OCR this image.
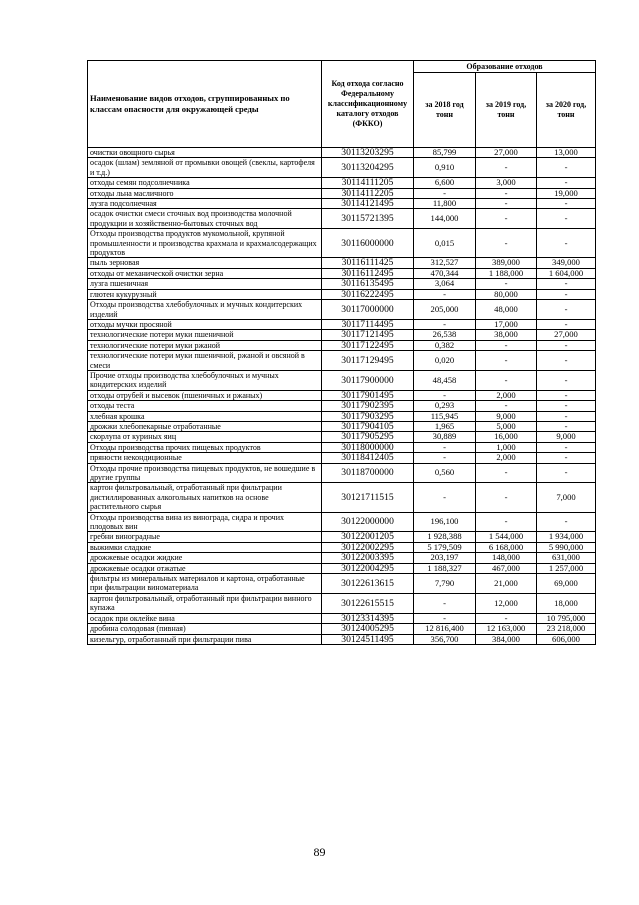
Наименование видов отходов, сгруппированных по классам опасности для окружающей среды	Код отхода согласно Федеральному классификационному каталогу отходов (ФККО)	Образование отходов		
		за 2018 год тонн	за 2019 год, тонн	за 2020 год, тонн
очистки овощного сырья	30113203295	85,799	27,000	13,000
осадок (шлам) земляной от промывки овощей (свеклы, картофеля и т.д.)	30113204295	0,910	-	-
отходы семян подсолнечника	30114111205	6,600	3,000	-
отходы льна масличного	30114112205	-	-	19,000
лузга подсолнечная	30114121495	11,800	-	-
осадок очистки смеси сточных вод производства молочной продукции и хозяйственно-бытовых сточных вод	30115721395	144,000	-	-
Отходы производства продуктов мукомольной, крупяной промышленности и производства крахмала и крахмалсодержащих продуктов	30116000000	0,015	-	-
пыль зерновая	30116111425	312,527	389,000	349,000
отходы от механической очистки зерна	30116112495	470,344	1 188,000	1 604,000
лузга пшеничная	30116135495	3,064	-	-
глютен кукурузный	30116222495	-	80,000	-
Отходы производства хлебобулочных и мучных кондитерских изделий	30117000000	205,000	48,000	-
отходы мучки просяной	30117114495	-	17,000	-
технологические потери муки пшеничной	30117121495	26,538	38,000	27,000
технологические потери муки ржаной	30117122495	0,382	-	-
технологические потери муки пшеничной, ржаной и овсяной в смеси	30117129495	0,020	-	-
Прочие отходы производства хлебобулочных и мучных кондитерских изделий	30117900000	48,458	-	-
отходы отрубей и высевок (пшеничных и ржаных)	30117901495	-	2,000	-
отходы теста	30117902395	0,293	-	-
хлебная крошка	30117903295	115,945	9,000	-
дрожжи хлебопекарные отработанные	30117904105	1,965	5,000	-
скорлупа от куриных яиц	30117905295	30,889	16,000	9,000
Отходы производства прочих пищевых продуктов	30118000000	-	1,000	-
пряности некондиционные	30118412405	-	2,000	-
Отходы прочие производства пищевых продуктов, не вошедшие в другие группы	30118700000	0,560	-	-
картон фильтровальный, отработанный при фильтрации дистиллированных алкогольных напитков на основе растительного сырья	30121711515	-	-	7,000
Отходы производства вина из винограда, сидра и прочих плодовых вин	30122000000	196,100	-	-
гребни виноградные	30122001205	1 928,388	1 544,000	1 934,000
выжимки сладкие	30122002295	5 179,509	6 168,000	5 990,000
дрожжевые осадки жидкие	30122003395	203,197	148,000	631,000
дрожжевые осадки отжатые	30122004295	1 188,327	467,000	1 257,000
фильтры из минеральных материалов и картона, отработанные при фильтрации виноматериала	30122613615	7,790	21,000	69,000
картон фильтровальный, отработанный при фильтрации винного купажа	30122615515	-	12,000	18,000
осадок при оклейке вина	30123314395	-	-	10 795,000
дробина солодовая (пивная)	30124005295	12 816,400	12 163,000	23 218,000
кизельгур, отработанный при фильтрации пива	30124511495	356,700	384,000	606,000
89
